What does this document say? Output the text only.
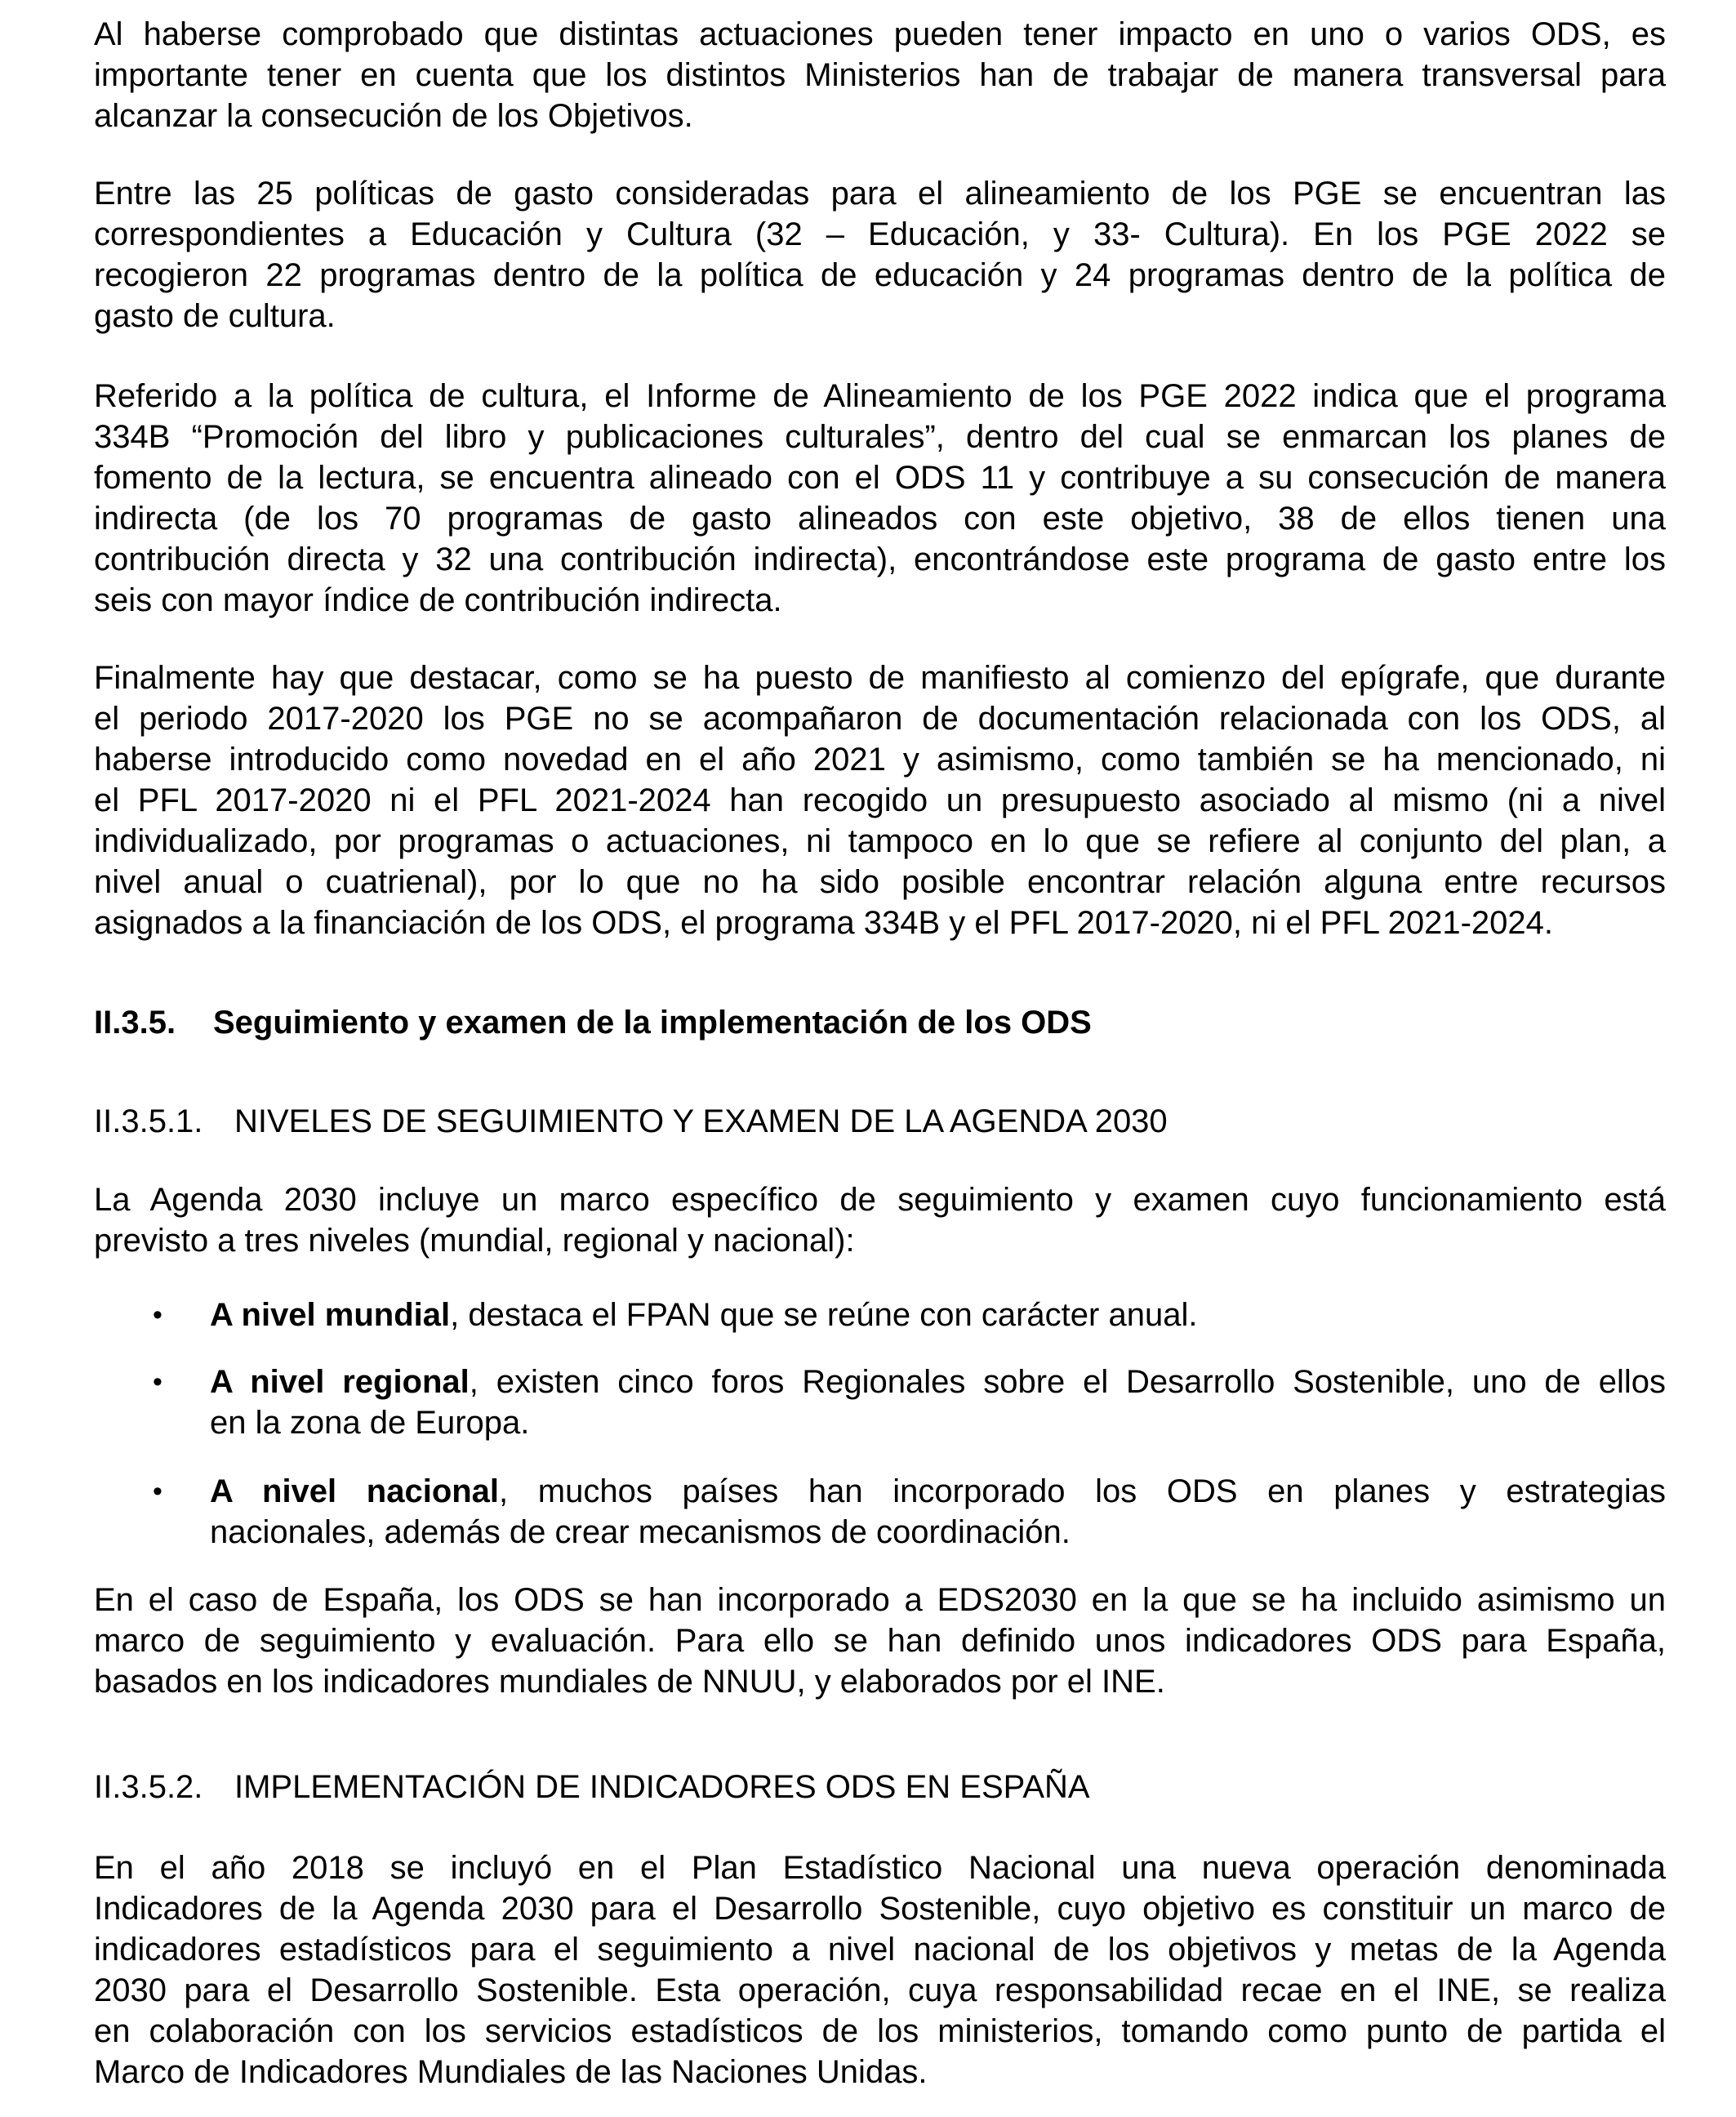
Al haberse comprobado que distintas actuaciones pueden tener impacto en uno o varios ODS, es
importante tener en cuenta que los distintos Ministerios han de trabajar de manera transversal para
alcanzar la consecución de los Objetivos.
Entre las 25 políticas de gasto consideradas para el alineamiento de los PGE se encuentran las
correspondientes a Educación y Cultura (32 – Educación, y 33- Cultura). En los PGE 2022 se
recogieron 22 programas dentro de la política de educación y 24 programas dentro de la política de
gasto de cultura.
Referido a la política de cultura, el Informe de Alineamiento de los PGE 2022 indica que el programa
334B “Promoción del libro y publicaciones culturales”, dentro del cual se enmarcan los planes de
fomento de la lectura, se encuentra alineado con el ODS 11 y contribuye a su consecución de manera
indirecta (de los 70 programas de gasto alineados con este objetivo, 38 de ellos tienen una
contribución directa y 32 una contribución indirecta), encontrándose este programa de gasto entre los
seis con mayor índice de contribución indirecta.
Finalmente hay que destacar, como se ha puesto de manifiesto al comienzo del epígrafe, que durante
el periodo 2017-2020 los PGE no se acompañaron de documentación relacionada con los ODS, al
haberse introducido como novedad en el año 2021 y asimismo, como también se ha mencionado, ni
el PFL 2017-2020 ni el PFL 2021-2024 han recogido un presupuesto asociado al mismo (ni a nivel
individualizado, por programas o actuaciones, ni tampoco en lo que se refiere al conjunto del plan, a
nivel anual o cuatrienal), por lo que no ha sido posible encontrar relación alguna entre recursos
asignados a la financiación de los ODS, el programa 334B y el PFL 2017-2020, ni el PFL 2021-2024.
II.3.5. Seguimiento y examen de la implementación de los ODS
II.3.5.1. NIVELES DE SEGUIMIENTO Y EXAMEN DE LA AGENDA 2030
La Agenda 2030 incluye un marco específico de seguimiento y examen cuyo funcionamiento está
previsto a tres niveles (mundial, regional y nacional):
• A nivel mundial, destaca el FPAN que se reúne con carácter anual.
• A nivel regional, existen cinco foros Regionales sobre el Desarrollo Sostenible, uno de ellos
en la zona de Europa.
• A nivel nacional, muchos países han incorporado los ODS en planes y estrategias
nacionales, además de crear mecanismos de coordinación.
En el caso de España, los ODS se han incorporado a EDS2030 en la que se ha incluido asimismo un
marco de seguimiento y evaluación. Para ello se han definido unos indicadores ODS para España,
basados en los indicadores mundiales de NNUU, y elaborados por el INE.
II.3.5.2. IMPLEMENTACIÓN DE INDICADORES ODS EN ESPAÑA
En el año 2018 se incluyó en el Plan Estadístico Nacional una nueva operación denominada
Indicadores de la Agenda 2030 para el Desarrollo Sostenible, cuyo objetivo es constituir un marco de
indicadores estadísticos para el seguimiento a nivel nacional de los objetivos y metas de la Agenda
2030 para el Desarrollo Sostenible. Esta operación, cuya responsabilidad recae en el INE, se realiza
en colaboración con los servicios estadísticos de los ministerios, tomando como punto de partida el
Marco de Indicadores Mundiales de las Naciones Unidas.
